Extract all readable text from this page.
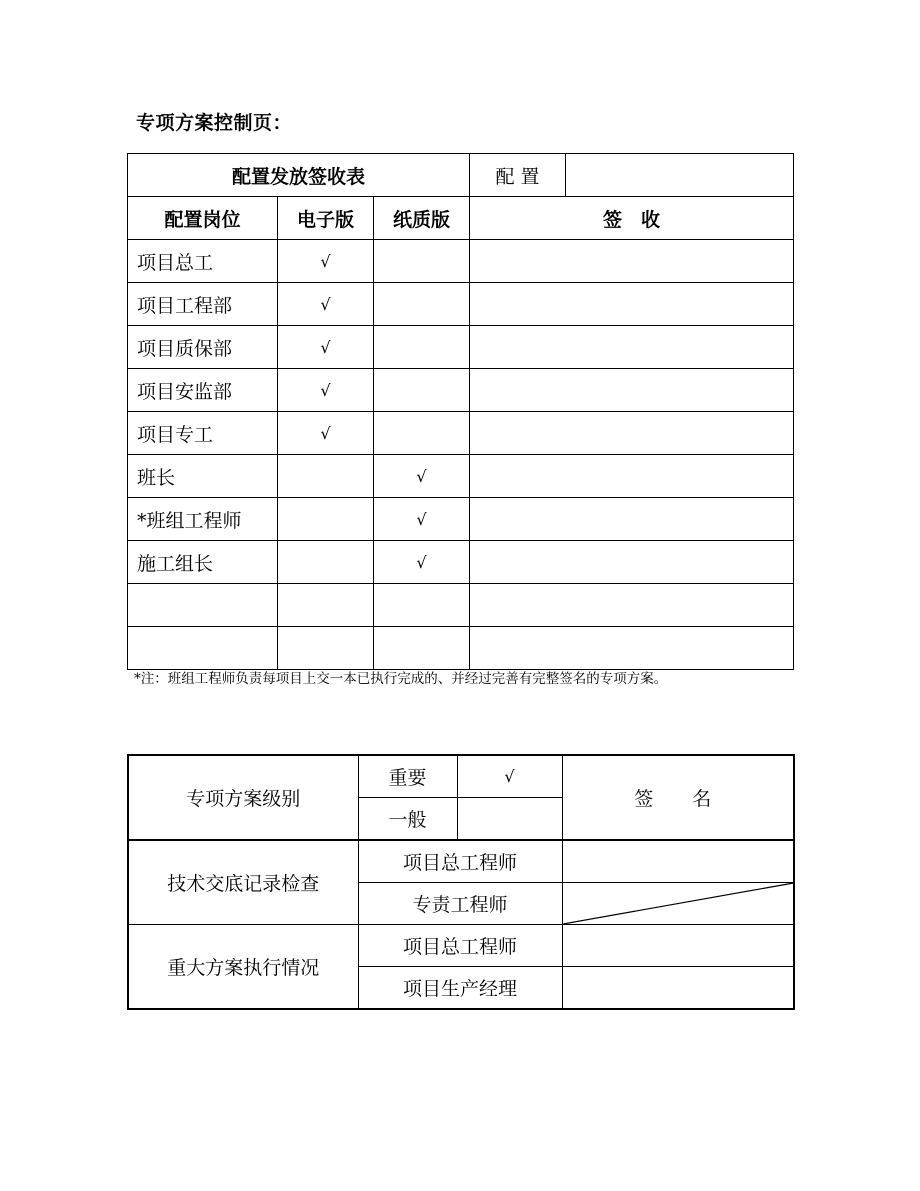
专项方案控制页：
配置发放签收表			配 置	
配置岗位	电子版	纸质版	签　收	
项目总工	√			
项目工程部	√			
项目质保部	√			
项目安监部	√			
项目专工	√			
班长		√		
*班组工程师		√		
施工组长		√		

*注：班组工程师负责每项目上交一本已执行完成的、并经过完善有完整签名的专项方案。
专项方案级别	重要	√	签　名
	一般		
技术交底记录检查	项目总工程师		
	专责工程师	

重大方案执行情况	项目总工程师		
	项目生产经理		
